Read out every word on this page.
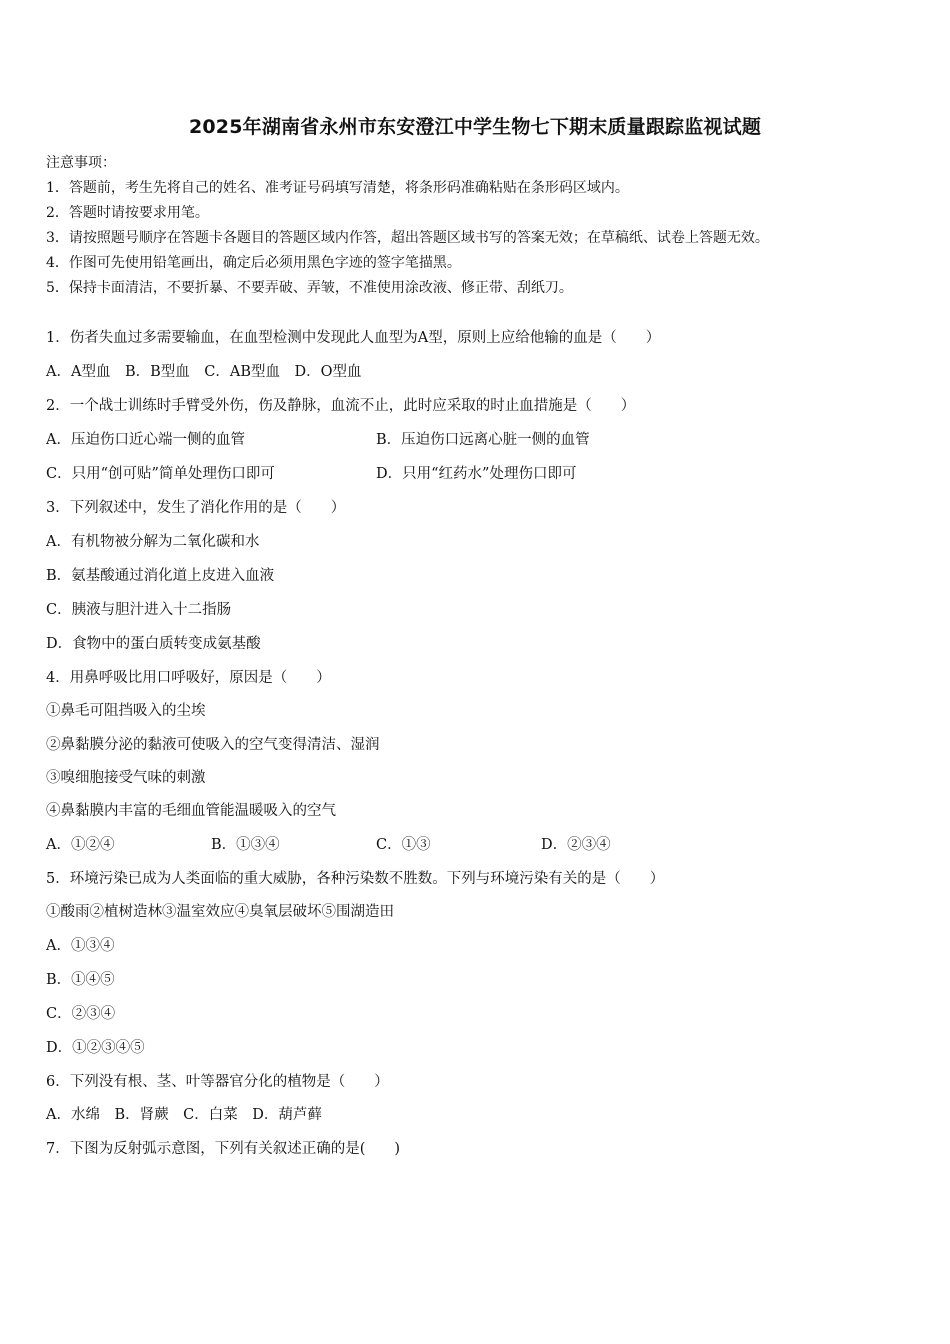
2025年湖南省永州市东安澄江中学生物七下期末质量跟踪监视试题
注意事项：
1．答题前，考生先将自己的姓名、准考证号码填写清楚，将条形码准确粘贴在条形码区域内。
2．答题时请按要求用笔。
3．请按照题号顺序在答题卡各题目的答题区域内作答，超出答题区域书写的答案无效；在草稿纸、试卷上答题无效。
4．作图可先使用铅笔画出，确定后必须用黑色字迹的签字笔描黑。
5．保持卡面清洁，不要折暴、不要弄破、弄皱，不准使用涂改液、修正带、刮纸刀。
1．伤者失血过多需要输血，在血型检测中发现此人血型为A型，原则上应给他输的血是（　　）
A．A型血　B．B型血　C．AB型血　D．O型血
2．一个战士训练时手臂受外伤，伤及静脉，血流不止，此时应采取的时止血措施是（　　）
A．压迫伤口近心端一侧的血管	B．压迫伤口远离心脏一侧的血管
C．只用“创可贴”简单处理伤口即可	D．只用“红药水”处理伤口即可
3．下列叙述中，发生了消化作用的是（　　）
A．有机物被分解为二氧化碳和水
B．氨基酸通过消化道上皮进入血液
C．胰液与胆汁进入十二指肠
D．食物中的蛋白质转变成氨基酸
4．用鼻呼吸比用口呼吸好，原因是（　　）
①鼻毛可阻挡吸入的尘埃
②鼻黏膜分泌的黏液可使吸入的空气变得清洁、湿润
③嗅细胞接受气味的刺激
④鼻黏膜内丰富的毛细血管能温暖吸入的空气
A．①②④	B．①③④	C．①③	D．②③④
5．环境污染已成为人类面临的重大威胁，各种污染数不胜数。下列与环境污染有关的是（　　）
①酸雨②植树造林③温室效应④臭氧层破坏⑤围湖造田
A．①③④
B．①④⑤
C．②③④
D．①②③④⑤
6．下列没有根、茎、叶等器官分化的植物是（　　）
A．水绵　B．肾蕨　C．白菜　D．葫芦藓
7．下图为反射弧示意图，下列有关叙述正确的是(　　)
